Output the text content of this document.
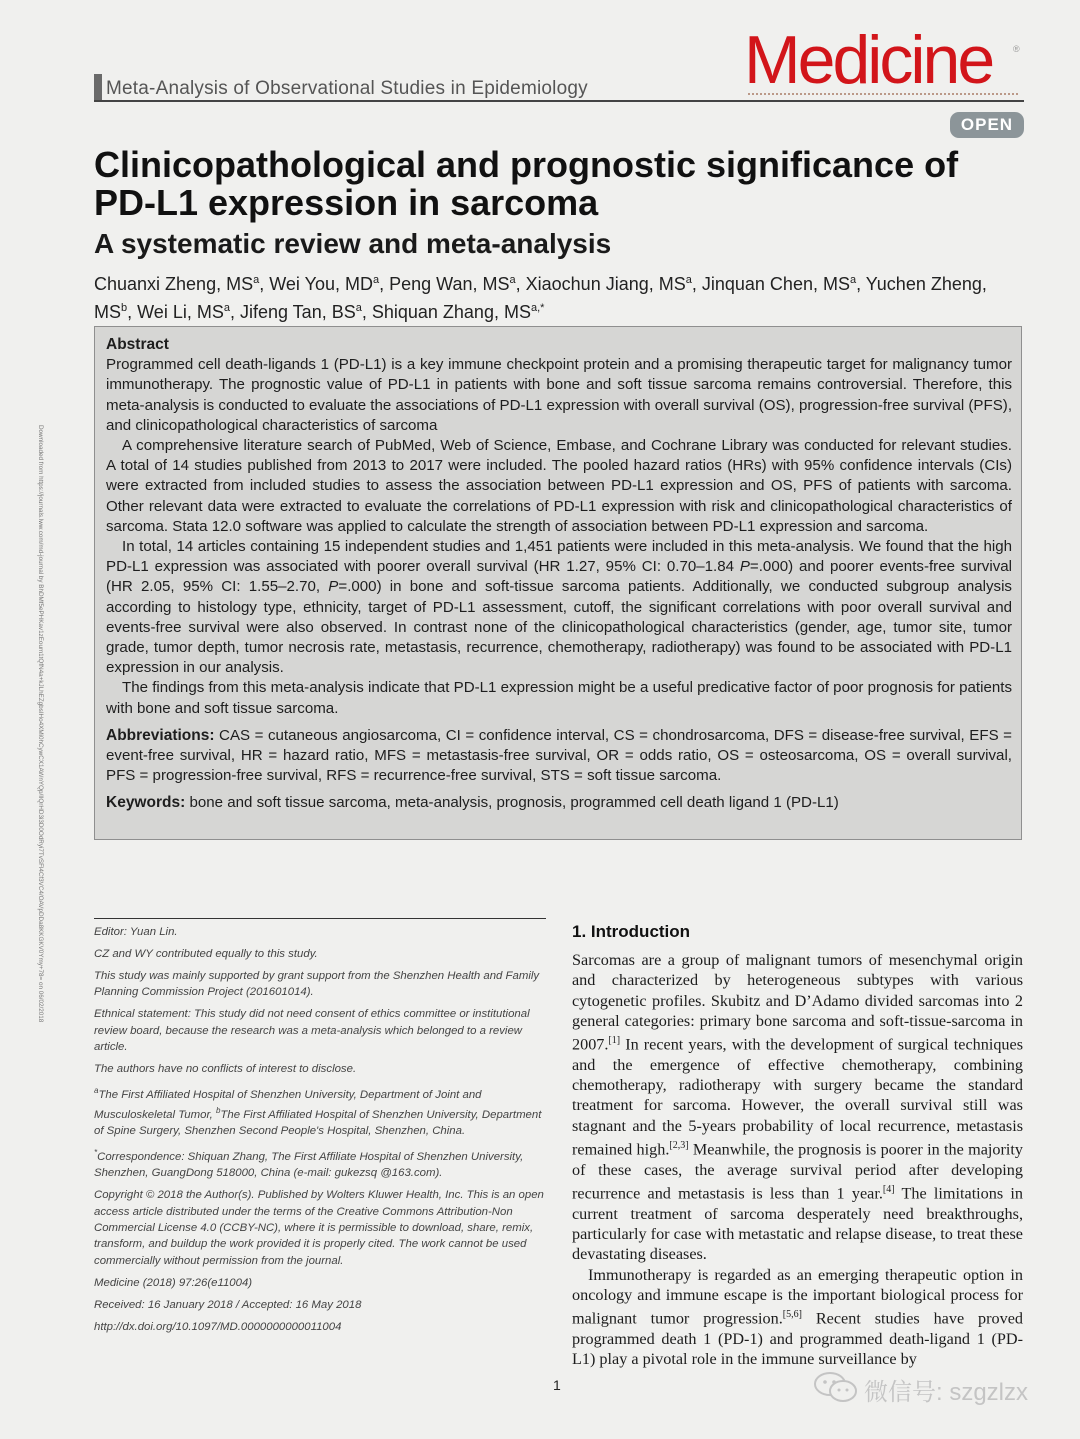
Meta-Analysis of Observational Studies in Epidemiology Medicine ®
OPEN
Clinicopathological and prognostic significance of PD-L1 expression in sarcoma
A systematic review and meta-analysis
Chuanxi Zheng, $MS^a$, Wei You, $MD^a$, Peng Wan, $MS^a$, Xiaochun Jiang, $MS^a$, Jinquan Chen, $MS^a$, Yuchen Zheng, $MS^b$, Wei Li, $MS^a$, Jifeng Tan, $BS^a$, Shiquan Zhang, $MS^{a,*}$
Downloaded from https://journals.lww.com/md-journal by BhDMf5ePHKav1zEoum1tQfN4a+kJLhEZgbsIHo4XMi0hCywCX1AWnYQp/IlQrHD3i3D0OdRyi7TvSFl4Cf3VC4/OAVpDDa8KKGKV0Ymy+78= on 06/02/2018
Abstract

Programmed cell death-ligands 1 (PD-L1) is a key immune checkpoint protein and a promising therapeutic target for malignancy tumor immunotherapy. The prognostic value of PD-L1 in patients with bone and soft tissue sarcoma remains controversial. Therefore, this meta-analysis is conducted to evaluate the associations of PD-L1 expression with overall survival (OS), progression-free survival (PFS), and clinicopathological characteristics of sarcoma

A comprehensive literature search of PubMed, Web of Science, Embase, and Cochrane Library was conducted for relevant studies. A total of 14 studies published from 2013 to 2017 were included. The pooled hazard ratios (HRs) with 95% confidence intervals (CIs) were extracted from included studies to assess the association between PD-L1 expression and OS, PFS of patients with sarcoma. Other relevant data were extracted to evaluate the correlations of PD-L1 expression with risk and clinicopathological characteristics of sarcoma. Stata 12.0 software was applied to calculate the strength of association between PD-L1 expression and sarcoma.

In total, 14 articles containing 15 independent studies and 1,451 patients were included in this meta-analysis. We found that the high PD-L1 expression was associated with poorer overall survival (HR 1.27, 95% CI: 0.70–1.84 P=.000) and poorer events-free survival (HR 2.05, 95% CI: 1.55–2.70, P=.000) in bone and soft-tissue sarcoma patients. Additionally, we conducted subgroup analysis according to histology type, ethnicity, target of PD-L1 assessment, cutoff, the significant correlations with poor overall survival and events-free survival were also observed. In contrast none of the clinicopathological characteristics (gender, age, tumor site, tumor grade, tumor depth, tumor necrosis rate, metastasis, recurrence, chemotherapy, radiotherapy) was found to be associated with PD-L1 expression in our analysis.

The findings from this meta-analysis indicate that PD-L1 expression might be a useful predicative factor of poor prognosis for patients with bone and soft tissue sarcoma.

Abbreviations: CAS = cutaneous angiosarcoma, CI = confidence interval, CS = chondrosarcoma, DFS = disease-free survival, EFS = event-free survival, HR = hazard ratio, MFS = metastasis-free survival, OR = odds ratio, OS = osteosarcoma, OS = overall survival, PFS = progression-free survival, RFS = recurrence-free survival, STS = soft tissue sarcoma.

Keywords: bone and soft tissue sarcoma, meta-analysis, prognosis, programmed cell death ligand 1 (PD-L1)

Editor: Yuan Lin.

CZ and WY contributed equally to this study.

This study was mainly supported by grant support from the Shenzhen Health and Family Planning Commission Project (201601014).

Ethnical statement: This study did not need consent of ethics committee or institutional review board, because the research was a meta-analysis which belonged to a review article.

The authors have no conflicts of interest to disclose.

$^a$The First Affiliated Hospital of Shenzhen University, Department of Joint and Musculoskeletal Tumor, $^b$The First Affiliated Hospital of Shenzhen University, Department of Spine Surgery, Shenzhen Second People's Hospital, Shenzhen, China.

*Correspondence: Shiquan Zhang, The First Affiliate Hospital of Shenzhen University, Shenzhen, GuangDong 518000, China (e-mail: gukezsq @163.com).

Copyright © 2018 the Author(s). Published by Wolters Kluwer Health, Inc. This is an open access article distributed under the terms of the Creative Commons Attribution-Non Commercial License 4.0 (CCBY-NC), where it is permissible to download, share, remix, transform, and buildup the work provided it is properly cited. The work cannot be used commercially without permission from the journal.

Medicine (2018) 97:26(e11004)

Received: 16 January 2018 / Accepted: 16 May 2018

http://dx.doi.org/10.1097/MD.0000000000011004

1. Introduction

Sarcomas are a group of malignant tumors of mesenchymal origin and characterized by heterogeneous subtypes with various cytogenetic profiles. Skubitz and D’Adamo divided sarcomas into 2 general categories: primary bone sarcoma and soft-tissue-sarcoma in 2007.[1] In recent years, with the development of surgical techniques and the emergence of effective chemotherapy, combining chemotherapy, radiotherapy with surgery became the standard treatment for sarcoma. However, the overall survival still was stagnant and the 5-years probability of local recurrence, metastasis remained high.[2,3] Meanwhile, the prognosis is poorer in the majority of these cases, the average survival period after developing recurrence and metastasis is less than 1 year.[4] The limitations in current treatment of sarcoma desperately need breakthroughs, particularly for case with metastatic and relapse disease, to treat these devastating diseases.

Immunotherapy is regarded as an emerging therapeutic option in oncology and immune escape is the important biological process for malignant tumor progression.[5,6] Recent studies have proved programmed death 1 (PD-1) and programmed death-ligand 1 (PD-L1) play a pivotal role in the immune surveillance by

1	微信号: szgzlzx
